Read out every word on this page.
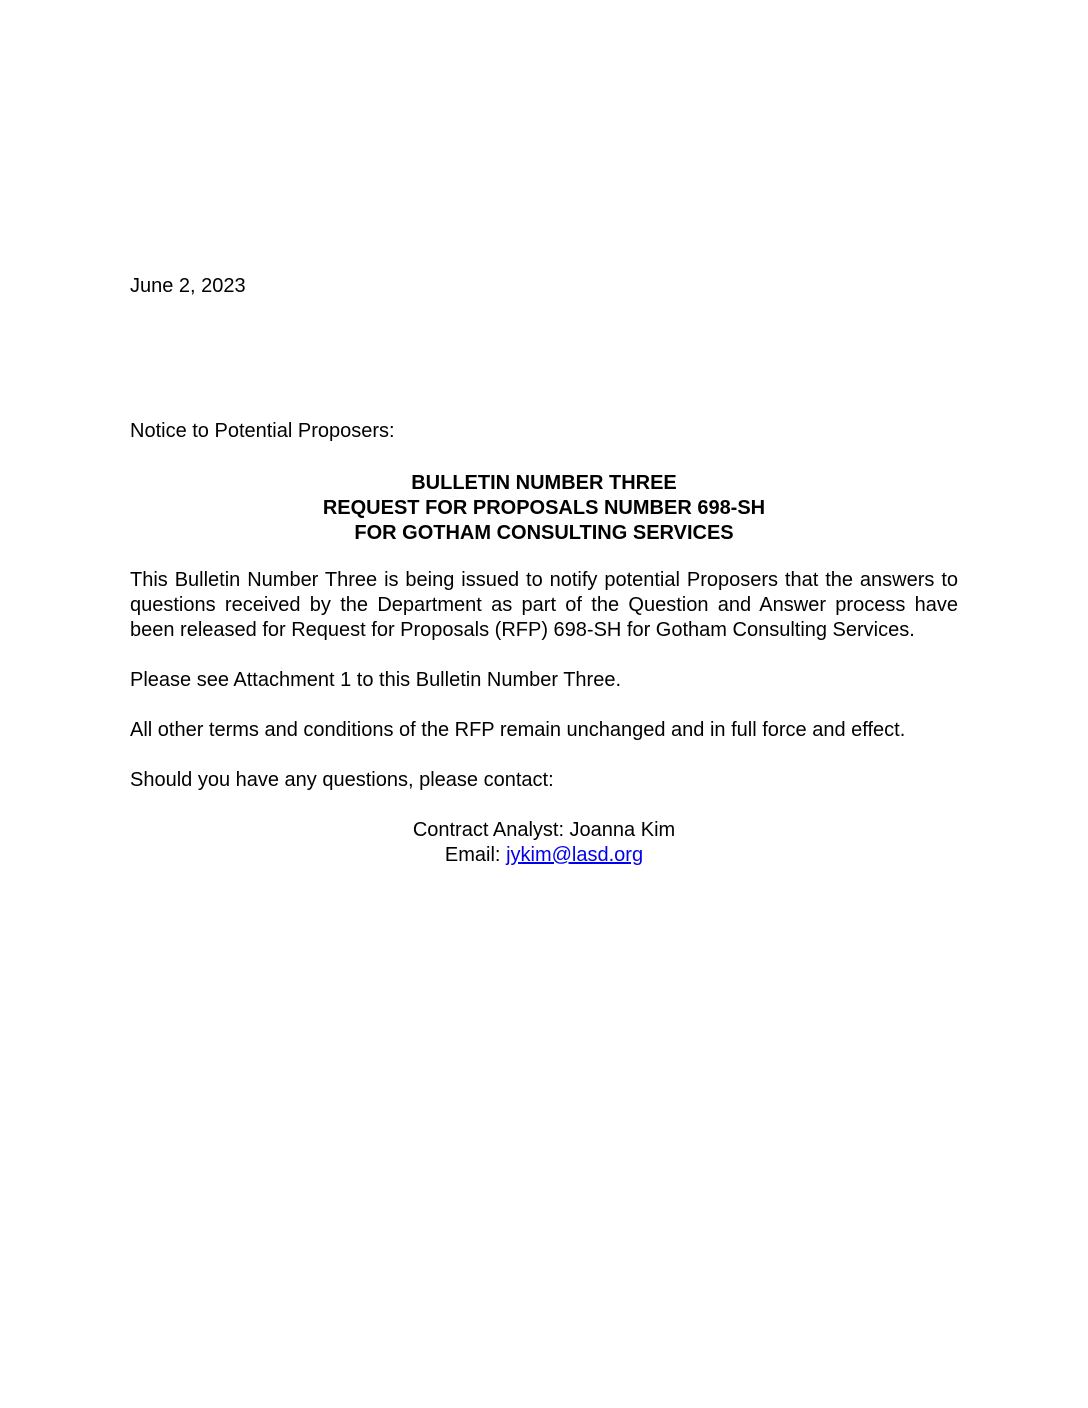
June 2, 2023

Notice to Potential Proposers:

BULLETIN NUMBER THREE
REQUEST FOR PROPOSALS NUMBER 698-SH
FOR GOTHAM CONSULTING SERVICES

This Bulletin Number Three is being issued to notify potential Proposers that the answers to questions received by the Department as part of the Question and Answer process have been released for Request for Proposals (RFP) 698-SH for Gotham Consulting Services.

Please see Attachment 1 to this Bulletin Number Three.

All other terms and conditions of the RFP remain unchanged and in full force and effect.

Should you have any questions, please contact:

Contract Analyst: Joanna Kim
Email: jykim@lasd.org
